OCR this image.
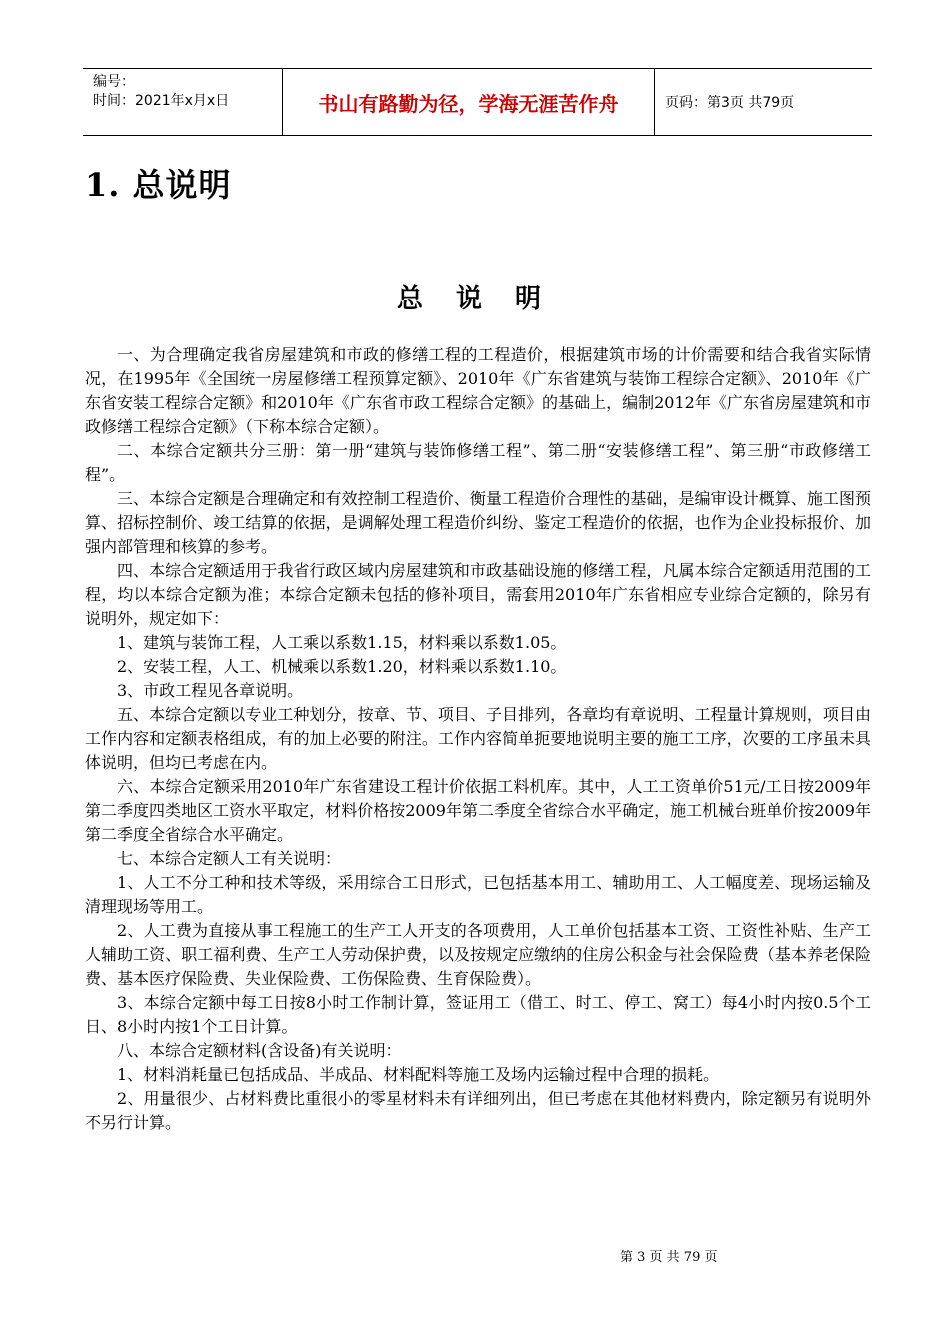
编号：
时间：2021年x月x日	书山有路勤为径，学海无涯苦作舟	页码：第3页 共79页
1. 总说明
总 说 明

一、为合理确定我省房屋建筑和市政的修缮工程的工程造价，根据建筑市场的计价需要和结合我省实际情况，在1995年《全国统一房屋修缮工程预算定额》、2010年《广东省建筑与装饰工程综合定额》、2010年《广东省安装工程综合定额》和2010年《广东省市政工程综合定额》的基础上，编制2012年《广东省房屋建筑和市政修缮工程综合定额》（下称本综合定额）。

二、本综合定额共分三册：第一册“建筑与装饰修缮工程”、第二册“安装修缮工程”、第三册“市政修缮工程”。

三、本综合定额是合理确定和有效控制工程造价、衡量工程造价合理性的基础，是编审设计概算、施工图预算、招标控制价、竣工结算的依据，是调解处理工程造价纠纷、鉴定工程造价的依据，也作为企业投标报价、加强内部管理和核算的参考。

四、本综合定额适用于我省行政区域内房屋建筑和市政基础设施的修缮工程，凡属本综合定额适用范围的工程，均以本综合定额为准；本综合定额未包括的修补项目，需套用2010年广东省相应专业综合定额的，除另有说明外，规定如下：

1、建筑与装饰工程，人工乘以系数1.15，材料乘以系数1.05。

2、安装工程，人工、机械乘以系数1.20，材料乘以系数1.10。

3、市政工程见各章说明。

五、本综合定额以专业工种划分，按章、节、项目、子目排列，各章均有章说明、工程量计算规则，项目由工作内容和定额表格组成，有的加上必要的附注。工作内容简单扼要地说明主要的施工工序，次要的工序虽未具体说明，但均已考虑在内。

六、本综合定额采用2010年广东省建设工程计价依据工料机库。其中，人工工资单价51元/工日按2009年第二季度四类地区工资水平取定，材料价格按2009年第二季度全省综合水平确定，施工机械台班单价按2009年第二季度全省综合水平确定。

七、本综合定额人工有关说明：

1、人工不分工种和技术等级，采用综合工日形式，已包括基本用工、辅助用工、人工幅度差、现场运输及清理现场等用工。

2、人工费为直接从事工程施工的生产工人开支的各项费用，人工单价包括基本工资、工资性补贴、生产工人辅助工资、职工福利费、生产工人劳动保护费，以及按规定应缴纳的住房公积金与社会保险费（基本养老保险费、基本医疗保险费、失业保险费、工伤保险费、生育保险费）。

3、本综合定额中每工日按8小时工作制计算，签证用工（借工、时工、停工、窝工）每4小时内按0.5个工日、8小时内按1个工日计算。

八、本综合定额材料(含设备)有关说明：

1、材料消耗量已包括成品、半成品、材料配料等施工及场内运输过程中合理的损耗。

2、用量很少、占材料费比重很小的零星材料未有详细列出，但已考虑在其他材料费内，除定额另有说明外不另行计算。

第 3 页 共 79 页
